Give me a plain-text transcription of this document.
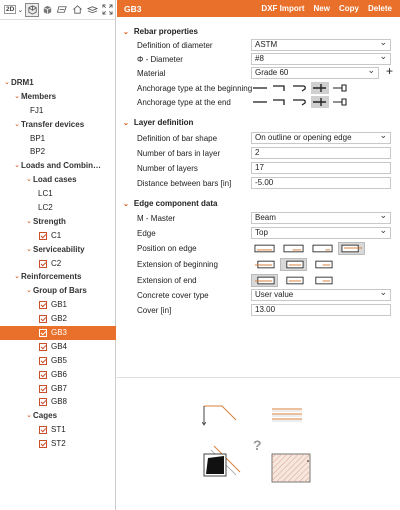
2D ⌄
⌄ DRM1
⌄ Members
FJ1
⌄ Transfer devices
BP1
BP2
⌄ Loads and Combin…
⌄ Load cases
LC1
LC2
⌄ Strength
C1
⌄ Serviceability
C2
⌄ Reinforcements
⌄ Group of Bars
GB1
GB2
GB3
GB4
GB5
GB6
GB7
GB8
⌄ Cages
ST1
ST2
GB3	DXF Import New Copy Delete
⌄ Rebar properties
Definition of diameter	ASTM ⌄
Φ - Diameter	#8 ⌄
Material	Grade 60 ⌄	+
Anchorage type at the beginning
Anchorage type at the end
⌄ Layer definition
Definition of bar shape	On outline or opening edge ⌄
Number of bars in layer	2
Number of layers	17
Distance between bars [in]	-5.00
⌄ Edge component data
M - Master	Beam ⌄
Edge	Top ⌄
Position on edge
Extension of beginning
Extension of end
Concrete cover type	User value ⌄
Cover [in]	13.00
?
